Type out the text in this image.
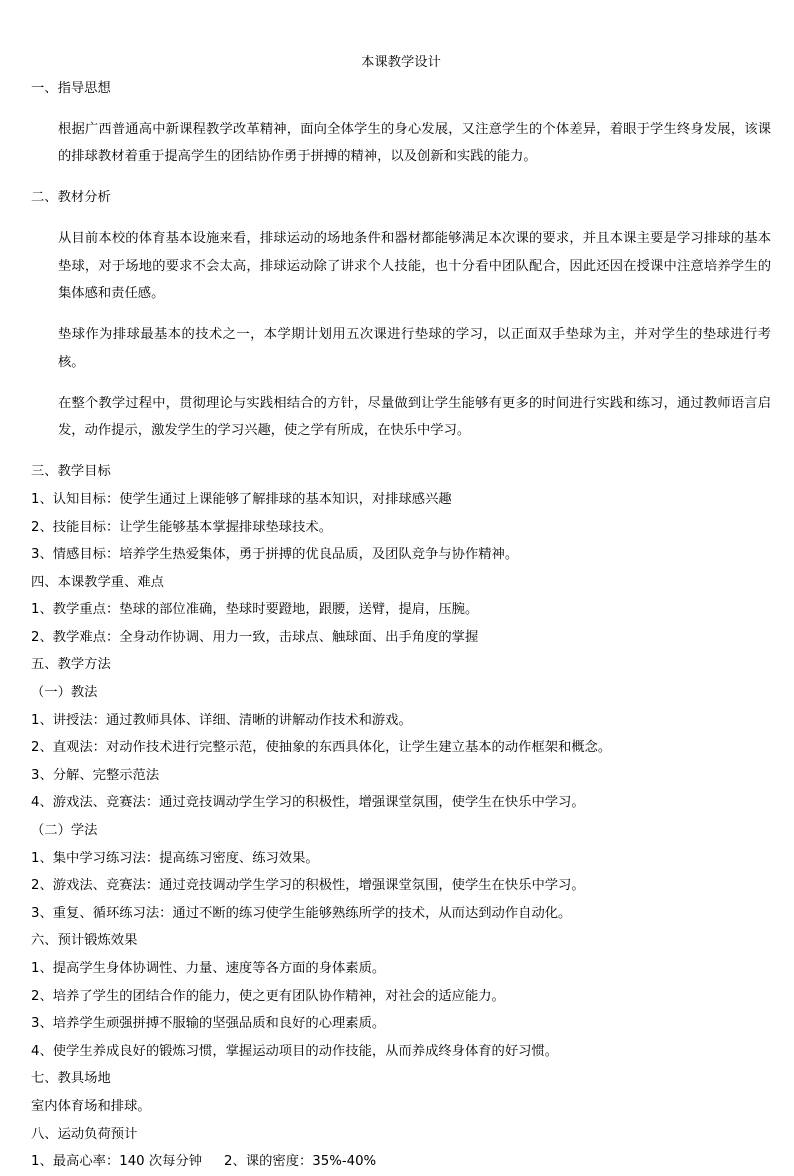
本课教学设计

一、指导思想

根据广西普通高中新课程教学改革精神，面向全体学生的身心发展，又注意学生的个体差异，着眼于学生终身发展，该课的排球教材着重于提高学生的团结协作勇于拼搏的精神，以及创新和实践的能力。

二、教材分析

从目前本校的体育基本设施来看，排球运动的场地条件和器材都能够满足本次课的要求，并且本课主要是学习排球的基本垫球，对于场地的要求不会太高，排球运动除了讲求个人技能，也十分看中团队配合，因此还因在授课中注意培养学生的集体感和责任感。

垫球作为排球最基本的技术之一，本学期计划用五次课进行垫球的学习，以正面双手垫球为主，并对学生的垫球进行考核。

在整个教学过程中，贯彻理论与实践相结合的方针，尽量做到让学生能够有更多的时间进行实践和练习，通过教师语言启发，动作提示，激发学生的学习兴趣，使之学有所成，在快乐中学习。

三、教学目标

1、认知目标：使学生通过上课能够了解排球的基本知识，对排球感兴趣

2、技能目标：让学生能够基本掌握排球垫球技术。

3、情感目标：培养学生热爱集体，勇于拼搏的优良品质，及团队竞争与协作精神。

四、本课教学重、难点

1、教学重点：垫球的部位准确，垫球时要蹬地，跟腰，送臂，提肩，压腕。

2、教学难点：全身动作协调、用力一致，击球点、触球面、出手角度的掌握

五、教学方法

（一）教法

1、讲授法：通过教师具体、详细、清晰的讲解动作技术和游戏。

2、直观法：对动作技术进行完整示范，使抽象的东西具体化，让学生建立基本的动作框架和概念。

3、分解、完整示范法

4、游戏法、竞赛法：通过竞技调动学生学习的积极性，增强课堂氛围，使学生在快乐中学习。

（二）学法

1、集中学习练习法：提高练习密度、练习效果。

2、游戏法、竞赛法：通过竞技调动学生学习的积极性，增强课堂氛围，使学生在快乐中学习。

3、重复、循环练习法：通过不断的练习使学生能够熟练所学的技术，从而达到动作自动化。

六、预计锻炼效果

1、提高学生身体协调性、力量、速度等各方面的身体素质。

2、培养了学生的团结合作的能力，使之更有团队协作精神，对社会的适应能力。

3、培养学生顽强拼搏不服输的坚强品质和良好的心理素质。

4、使学生养成良好的锻炼习惯，掌握运动项目的动作技能，从而养成终身体育的好习惯。

七、教具场地

室内体育场和排球。

八、运动负荷预计

1、最高心率：140 次每分钟 2、课的密度：35%-40%
